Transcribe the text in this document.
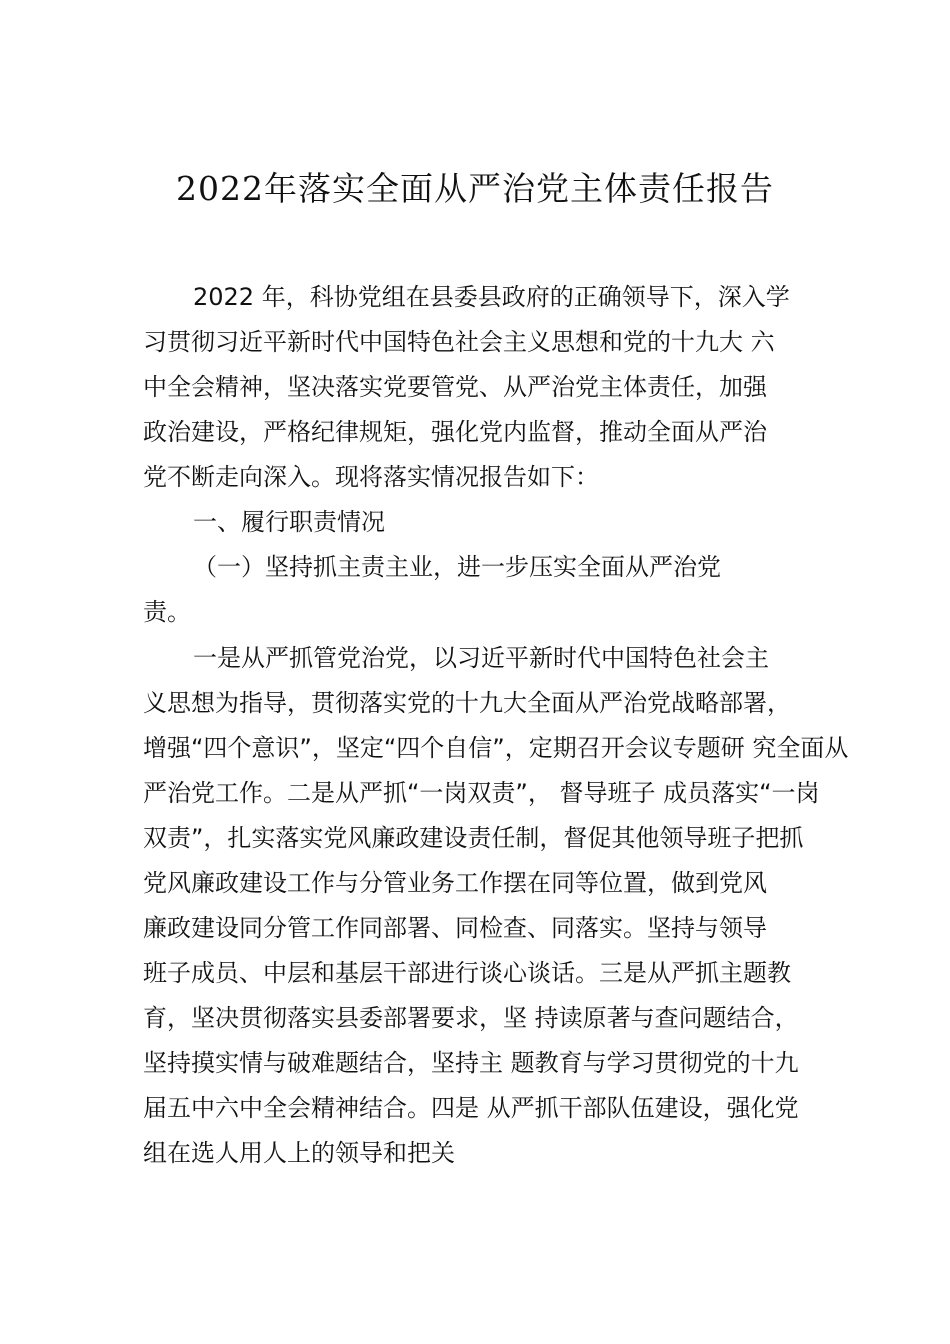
2022年落实全面从严治党主体责任报告

2022 年，科协党组在县委县政府的正确领导下，深入学

习贯彻习近平新时代中国特色社会主义思想和党的十九大 六

中全会精神，坚决落实党要管党、从严治党主体责任，加强

政治建设，严格纪律规矩，强化党内监督，推动全面从严治

党不断走向深入。现将落实情况报告如下：

一、履行职责情况

（一）坚持抓主责主业，进一步压实全面从严治党

责。

一是从严抓管党治党，以习近平新时代中国特色社会主

义思想为指导，贯彻落实党的十九大全面从严治党战略部署，

增强“四个意识”，坚定“四个自信”，定期召开会议专题研 究全面从

严治党工作。二是从严抓“一岗双责”， 督导班子 成员落实“一岗

双责”，扎实落实党风廉政建设责任制，督促其他领导班子把抓

党风廉政建设工作与分管业务工作摆在同等位置，做到党风

廉政建设同分管工作同部署、同检查、同落实。坚持与领导

班子成员、中层和基层干部进行谈心谈话。三是从严抓主题教

育，坚决贯彻落实县委部署要求，坚 持读原著与查问题结合，

坚持摸实情与破难题结合，坚持主 题教育与学习贯彻党的十九

届五中六中全会精神结合。四是 从严抓干部队伍建设，强化党

组在选人用人上的领导和把关
